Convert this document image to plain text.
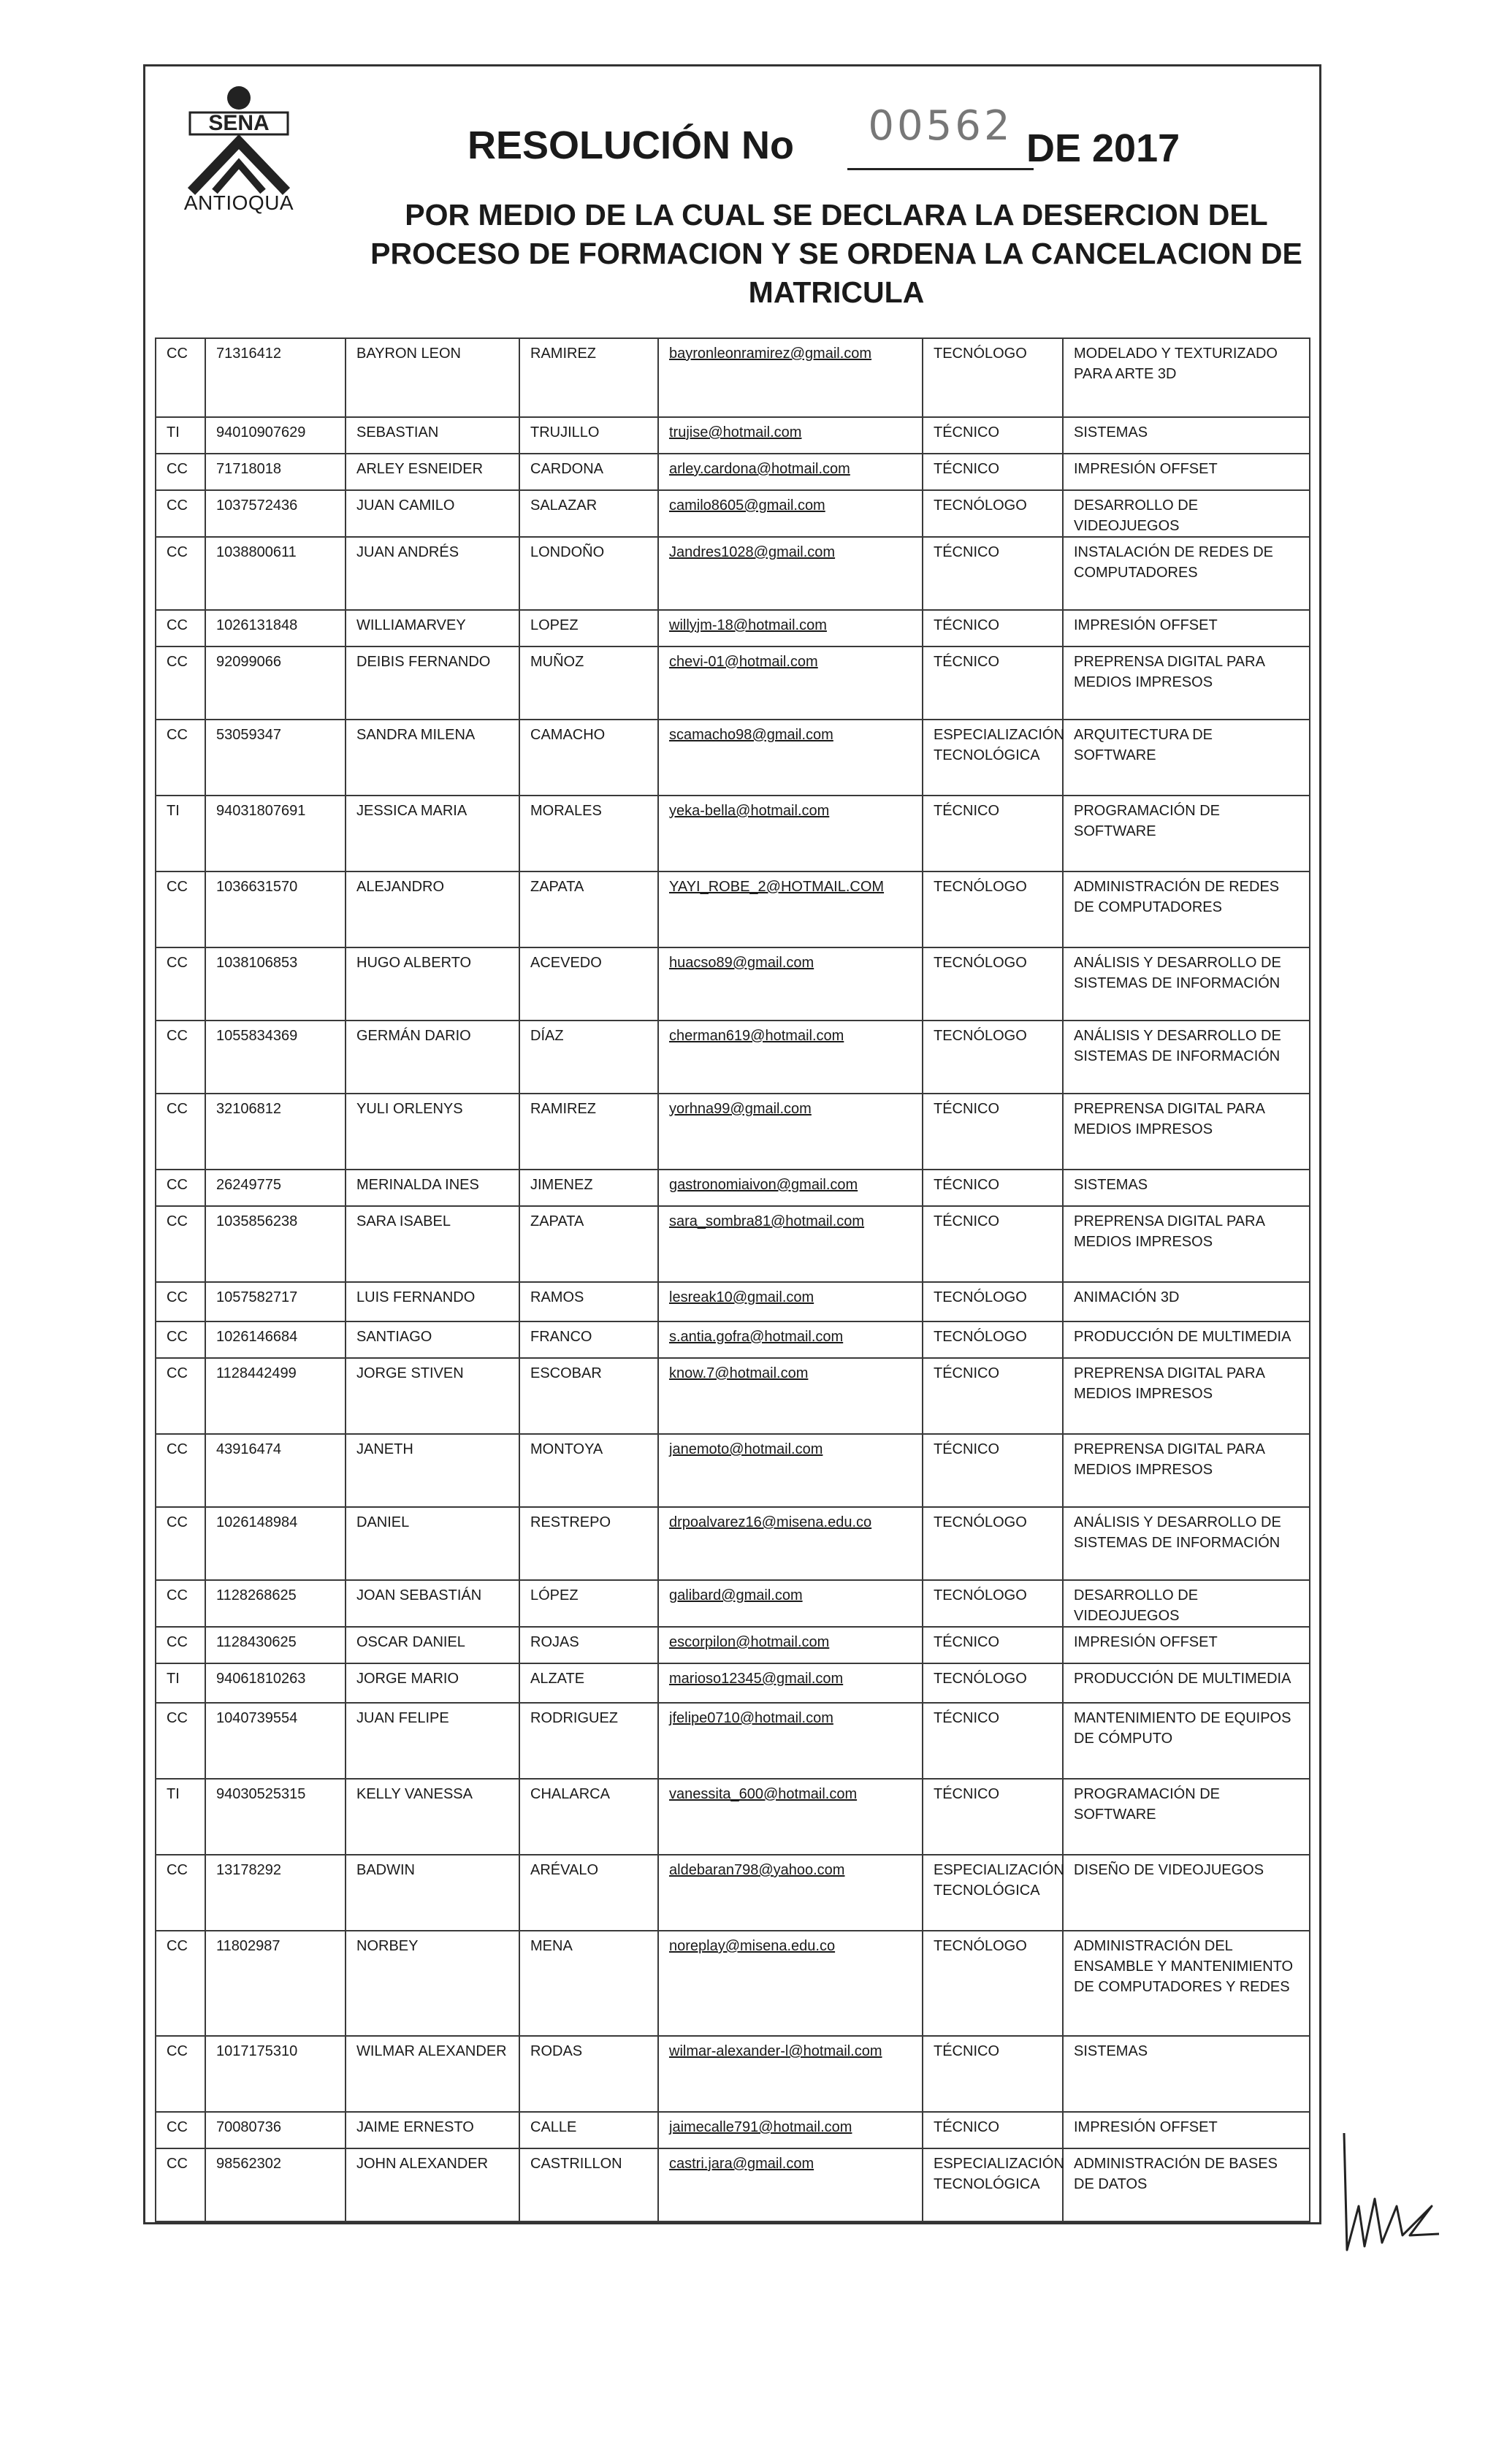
SENA
ANTIOQUA
RESOLUCIÓN No	00562 DE 2017
POR MEDIO DE LA CUAL SE DECLARA LA DESERCION DEL PROCESO DE FORMACION Y SE ORDENA LA CANCELACION DE MATRICULA
CC	71316412	BAYRON LEON	RAMIREZ	bayronleonramirez@gmail.com	TECNÓLOGO	MODELADO Y TEXTURIZADO PARA ARTE 3D
TI	94010907629	SEBASTIAN	TRUJILLO	trujise@hotmail.com	TÉCNICO	SISTEMAS
CC	71718018	ARLEY ESNEIDER	CARDONA	arley.cardona@hotmail.com	TÉCNICO	IMPRESIÓN OFFSET
CC	1037572436	JUAN CAMILO	SALAZAR	camilo8605@gmail.com	TECNÓLOGO	DESARROLLO DE VIDEOJUEGOS
CC	1038800611	JUAN ANDRÉS	LONDOÑO	Jandres1028@gmail.com	TÉCNICO	INSTALACIÓN DE REDES DE COMPUTADORES
CC	1026131848	WILLIAMARVEY	LOPEZ	willyjm-18@hotmail.com	TÉCNICO	IMPRESIÓN OFFSET
CC	92099066	DEIBIS FERNANDO	MUÑOZ	chevi-01@hotmail.com	TÉCNICO	PREPRENSA DIGITAL PARA MEDIOS IMPRESOS
CC	53059347	SANDRA MILENA	CAMACHO	scamacho98@gmail.com	ESPECIALIZACIÓN TECNOLÓGICA	ARQUITECTURA DE SOFTWARE
TI	94031807691	JESSICA MARIA	MORALES	yeka-bella@hotmail.com	TÉCNICO	PROGRAMACIÓN DE SOFTWARE
CC	1036631570	ALEJANDRO	ZAPATA	YAYI_ROBE_2@HOTMAIL.COM	TECNÓLOGO	ADMINISTRACIÓN DE REDES DE COMPUTADORES
CC	1038106853	HUGO ALBERTO	ACEVEDO	huacso89@gmail.com	TECNÓLOGO	ANÁLISIS Y DESARROLLO DE SISTEMAS DE INFORMACIÓN
CC	1055834369	GERMÁN DARIO	DÍAZ	cherman619@hotmail.com	TECNÓLOGO	ANÁLISIS Y DESARROLLO DE SISTEMAS DE INFORMACIÓN
CC	32106812	YULI ORLENYS	RAMIREZ	yorhna99@gmail.com	TÉCNICO	PREPRENSA DIGITAL PARA MEDIOS IMPRESOS
CC	26249775	MERINALDA INES	JIMENEZ	gastronomiaivon@gmail.com	TÉCNICO	SISTEMAS
CC	1035856238	SARA ISABEL	ZAPATA	sara_sombra81@hotmail.com	TÉCNICO	PREPRENSA DIGITAL PARA MEDIOS IMPRESOS
CC	1057582717	LUIS FERNANDO	RAMOS	lesreak10@gmail.com	TECNÓLOGO	ANIMACIÓN 3D
CC	1026146684	SANTIAGO	FRANCO	s.antia.gofra@hotmail.com	TECNÓLOGO	PRODUCCIÓN DE MULTIMEDIA
CC	1128442499	JORGE STIVEN	ESCOBAR	know.7@hotmail.com	TÉCNICO	PREPRENSA DIGITAL PARA MEDIOS IMPRESOS
CC	43916474	JANETH	MONTOYA	janemoto@hotmail.com	TÉCNICO	PREPRENSA DIGITAL PARA MEDIOS IMPRESOS
CC	1026148984	DANIEL	RESTREPO	drpoalvarez16@misena.edu.co	TECNÓLOGO	ANÁLISIS Y DESARROLLO DE SISTEMAS DE INFORMACIÓN
CC	1128268625	JOAN SEBASTIÁN	LÓPEZ	galibard@gmail.com	TECNÓLOGO	DESARROLLO DE VIDEOJUEGOS
CC	1128430625	OSCAR DANIEL	ROJAS	escorpilon@hotmail.com	TÉCNICO	IMPRESIÓN OFFSET
TI	94061810263	JORGE MARIO	ALZATE	marioso12345@gmail.com	TECNÓLOGO	PRODUCCIÓN DE MULTIMEDIA
CC	1040739554	JUAN FELIPE	RODRIGUEZ	jfelipe0710@hotmail.com	TÉCNICO	MANTENIMIENTO DE EQUIPOS DE CÓMPUTO
TI	94030525315	KELLY VANESSA	CHALARCA	vanessita_600@hotmail.com	TÉCNICO	PROGRAMACIÓN DE SOFTWARE
CC	13178292	BADWIN	ARÉVALO	aldebaran798@yahoo.com	ESPECIALIZACIÓN TECNOLÓGICA	DISEÑO DE VIDEOJUEGOS
CC	11802987	NORBEY	MENA	noreplay@misena.edu.co	TECNÓLOGO	ADMINISTRACIÓN DEL ENSAMBLE Y MANTENIMIENTO DE COMPUTADORES Y REDES
CC	1017175310	WILMAR ALEXANDER	RODAS	wilmar-alexander-l@hotmail.com	TÉCNICO	SISTEMAS
CC	70080736	JAIME ERNESTO	CALLE	jaimecalle791@hotmail.com	TÉCNICO	IMPRESIÓN OFFSET
CC	98562302	JOHN ALEXANDER	CASTRILLON	castri.jara@gmail.com	ESPECIALIZACIÓN TECNOLÓGICA	ADMINISTRACIÓN DE BASES DE DATOS
